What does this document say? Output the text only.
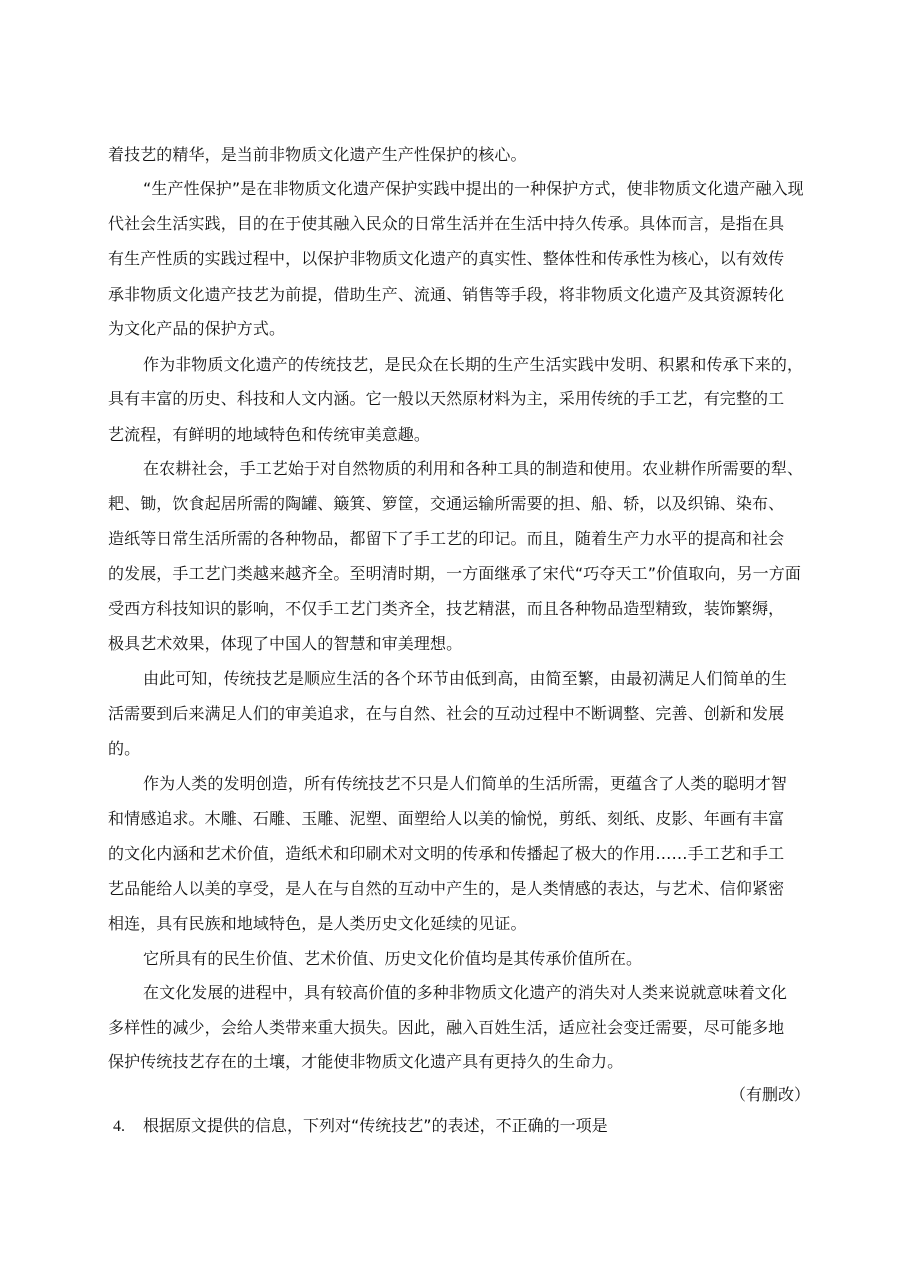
着技艺的精华，是当前非物质文化遗产生产性保护的核心。
“生产性保护”是在非物质文化遗产保护实践中提出的一种保护方式，使非物质文化遗产融入现
代社会生活实践，目的在于使其融入民众的日常生活并在生活中持久传承。具体而言，是指在具
有生产性质的实践过程中，以保护非物质文化遗产的真实性、整体性和传承性为核心，以有效传
承非物质文化遗产技艺为前提，借助生产、流通、销售等手段，将非物质文化遗产及其资源转化
为文化产品的保护方式。
作为非物质文化遗产的传统技艺，是民众在长期的生产生活实践中发明、积累和传承下来的，
具有丰富的历史、科技和人文内涵。它一般以天然原材料为主，采用传统的手工艺，有完整的工
艺流程，有鲜明的地域特色和传统审美意趣。
在农耕社会，手工艺始于对自然物质的利用和各种工具的制造和使用。农业耕作所需要的犁、
耙、锄，饮食起居所需的陶罐、簸箕、箩筐，交通运输所需要的担、船、轿，以及织锦、染布、
造纸等日常生活所需的各种物品，都留下了手工艺的印记。而且，随着生产力水平的提高和社会
的发展，手工艺门类越来越齐全。至明清时期，一方面继承了宋代“巧夺天工”价值取向，另一方面
受西方科技知识的影响，不仅手工艺门类齐全，技艺精湛，而且各种物品造型精致，装饰繁缛，
极具艺术效果，体现了中国人的智慧和审美理想。
由此可知，传统技艺是顺应生活的各个环节由低到高，由简至繁，由最初满足人们简单的生
活需要到后来满足人们的审美追求，在与自然、社会的互动过程中不断调整、完善、创新和发展
的。
作为人类的发明创造，所有传统技艺不只是人们简单的生活所需，更蕴含了人类的聪明才智
和情感追求。木雕、石雕、玉雕、泥塑、面塑给人以美的愉悦，剪纸、刻纸、皮影、年画有丰富
的文化内涵和艺术价值，造纸术和印刷术对文明的传承和传播起了极大的作用……手工艺和手工
艺品能给人以美的享受，是人在与自然的互动中产生的，是人类情感的表达，与艺术、信仰紧密
相连，具有民族和地域特色，是人类历史文化延续的见证。
它所具有的民生价值、艺术价值、历史文化价值均是其传承价值所在。
在文化发展的进程中，具有较高价值的多种非物质文化遗产的消失对人类来说就意味着文化
多样性的减少，会给人类带来重大损失。因此，融入百姓生活，适应社会变迁需要，尽可能多地
保护传统技艺存在的土壤，才能使非物质文化遗产具有更持久的生命力。
（有删改）
4. 根据原文提供的信息，下列对“传统技艺”的表述，不正确的一项是
